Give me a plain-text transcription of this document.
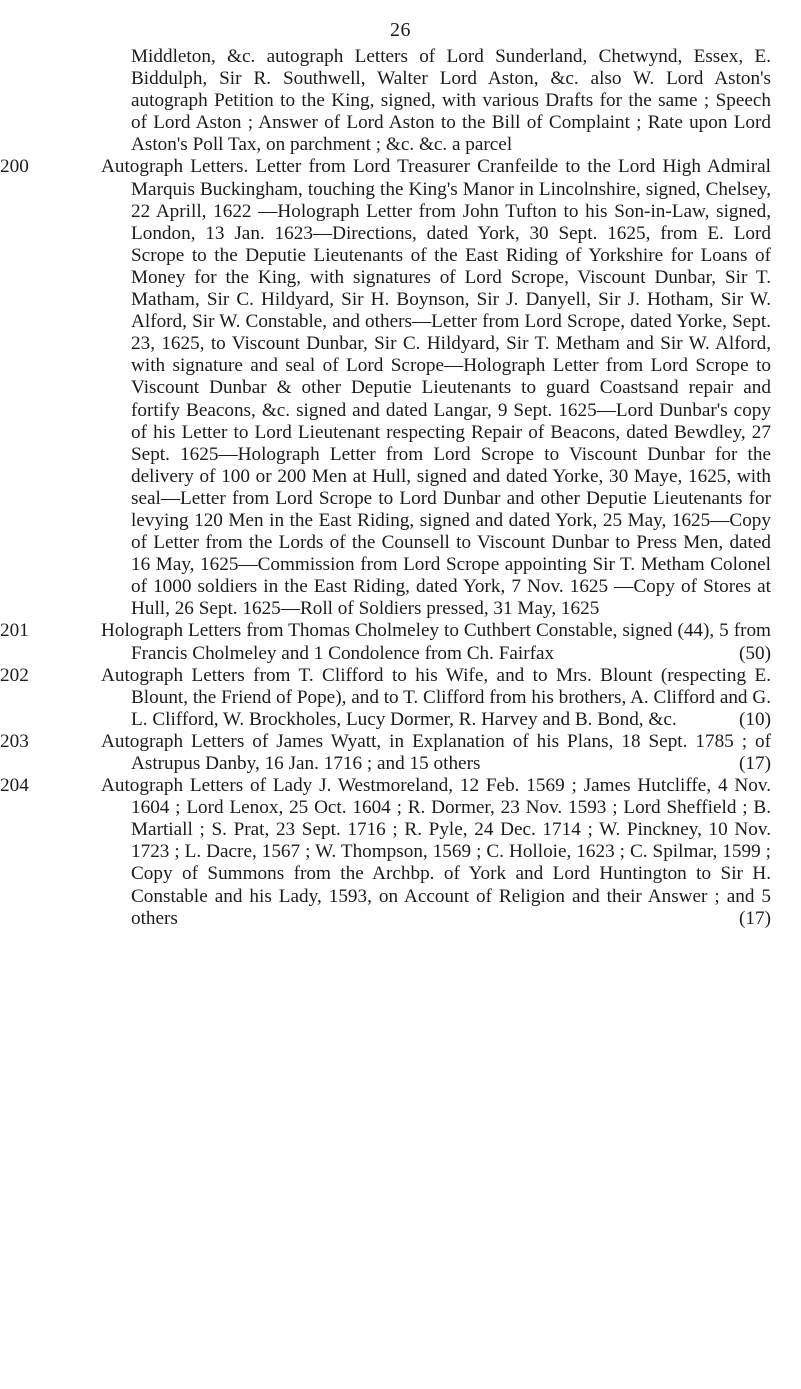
26
Middleton, &c. autograph Letters of Lord Sunderland, Chetwynd, Essex, E. Biddulph, Sir R. Southwell, Walter Lord Aston, &c. also W. Lord Aston's autograph Petition to the King, signed, with various Drafts for the same ; Speech of Lord Aston ; Answer of Lord Aston to the Bill of Complaint ; Rate upon Lord Aston's Poll Tax, on parchment ; &c. &c. a parcel
200	Autograph Letters. Letter from Lord Treasurer Cranfeilde to the Lord High Admiral Marquis Buckingham, touching the King's Manor in Lincolnshire, signed, Chelsey, 22 Aprill, 1622 —Holograph Letter from John Tufton to his Son-in-Law, signed, London, 13 Jan. 1623—Directions, dated York, 30 Sept. 1625, from E. Lord Scrope to the Deputie Lieutenants of the East Riding of Yorkshire for Loans of Money for the King, with signatures of Lord Scrope, Viscount Dunbar, Sir T. Matham, Sir C. Hildyard, Sir H. Boynson, Sir J. Danyell, Sir J. Hotham, Sir W. Alford, Sir W. Constable, and others—Letter from Lord Scrope, dated Yorke, Sept. 23, 1625, to Viscount Dunbar, Sir C. Hildyard, Sir T. Metham and Sir W. Alford, with signature and seal of Lord Scrope—Holograph Letter from Lord Scrope to Viscount Dunbar & other Deputie Lieutenants to guard Coastsand repair and fortify Beacons, &c. signed and dated Langar, 9 Sept. 1625—Lord Dunbar's copy of his Letter to Lord Lieutenant respecting Repair of Beacons, dated Bewdley, 27 Sept. 1625—Holograph Letter from Lord Scrope to Viscount Dunbar for the delivery of 100 or 200 Men at Hull, signed and dated Yorke, 30 Maye, 1625, with seal—Letter from Lord Scrope to Lord Dunbar and other Deputie Lieutenants for levying 120 Men in the East Riding, signed and dated York, 25 May, 1625—Copy of Letter from the Lords of the Counsell to Viscount Dunbar to Press Men, dated 16 May, 1625—Commission from Lord Scrope appointing Sir T. Metham Colonel of 1000 soldiers in the East Riding, dated York, 7 Nov. 1625 —Copy of Stores at Hull, 26 Sept. 1625—Roll of Soldiers pressed, 31 May, 1625
201	Holograph Letters from Thomas Cholmeley to Cuthbert Constable, signed (44), 5 from Francis Cholmeley and 1 Condolence from Ch. Fairfax	(50)
202	Autograph Letters from T. Clifford to his Wife, and to Mrs. Blount (respecting E. Blount, the Friend of Pope), and to T. Clifford from his brothers, A. Clifford and G. L. Clifford, W. Brockholes, Lucy Dormer, R. Harvey and B. Bond, &c.	(10)
203	Autograph Letters of James Wyatt, in Explanation of his Plans, 18 Sept. 1785 ; of Astrupus Danby, 16 Jan. 1716 ; and 15 others	(17)
204	Autograph Letters of Lady J. Westmoreland, 12 Feb. 1569 ; James Hutcliffe, 4 Nov. 1604 ; Lord Lenox, 25 Oct. 1604 ; R. Dormer, 23 Nov. 1593 ; Lord Sheffield ; B. Martiall ; S. Prat, 23 Sept. 1716 ; R. Pyle, 24 Dec. 1714 ; W. Pinckney, 10 Nov. 1723 ; L. Dacre, 1567 ; W. Thompson, 1569 ; C. Holloie, 1623 ; C. Spilmar, 1599 ; Copy of Summons from the Archbp. of York and Lord Huntington to Sir H. Constable and his Lady, 1593, on Account of Religion and their Answer ; and 5 others	(17)
